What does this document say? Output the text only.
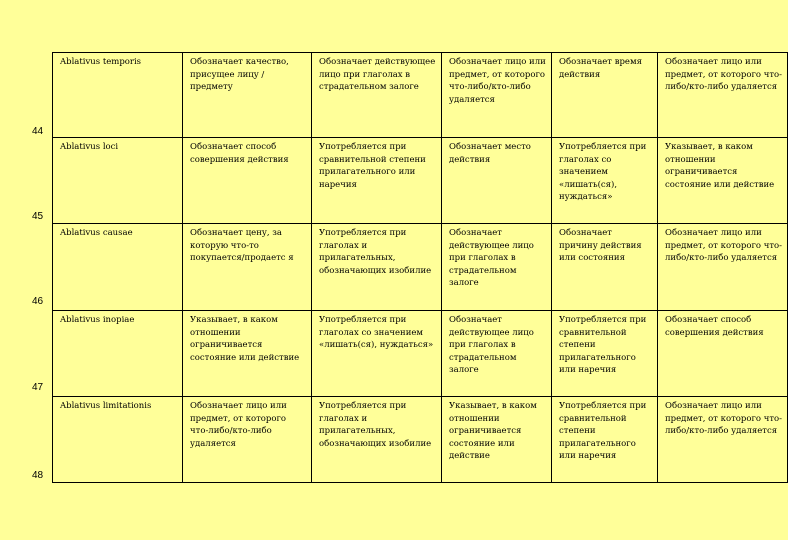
44
45
46
47
48
Ablativus temporis	Обозначает качество, присущее лицу / предмету	Обозначает действующее лицо при глаголах в страдательном залоге	Обозначает лицо или предмет, от которого что-либо/кто-либо удаляется	Обозначает время действия	Обозначает лицо или предмет, от которого что-либо/кто-либо удаляется
Ablativus loci	Обозначает способ совершения действия	Употребляется при сравнительной степени прилагательного или наречия	Обозначает место действия	Употребляется при глаголах со значением «лишать(ся), нуждаться»	Указывает, в каком отношении ограничивается состояние или действие
Ablativus causae	Обозначает цену, за которую что-то покупается/продаетс я	Употребляется при глаголах и прилагательных, обозначающих изобилие	Обозначает действующее лицо при глаголах в страдательном залоге	Обозначает причину действия или состояния	Обозначает лицо или предмет, от которого что-либо/кто-либо удаляется
Ablativus inopiae	Указывает, в каком отношении ограничивается состояние или действие	Употребляется при глаголах со значением «лишать(ся), нуждаться»	Обозначает действующее лицо при глаголах в страдательном залоге	Употребляется при сравнительной степени прилагательного или наречия	Обозначает способ совершения действия
Ablativus limitationis	Обозначает лицо или предмет, от которого что-либо/кто-либо удаляется	Употребляется при глаголах и прилагательных, обозначающих изобилие	Указывает, в каком отношении ограничивается состояние или действие	Употребляется при сравнительной степени прилагательного или наречия	Обозначает лицо или предмет, от которого что-либо/кто-либо удаляется
